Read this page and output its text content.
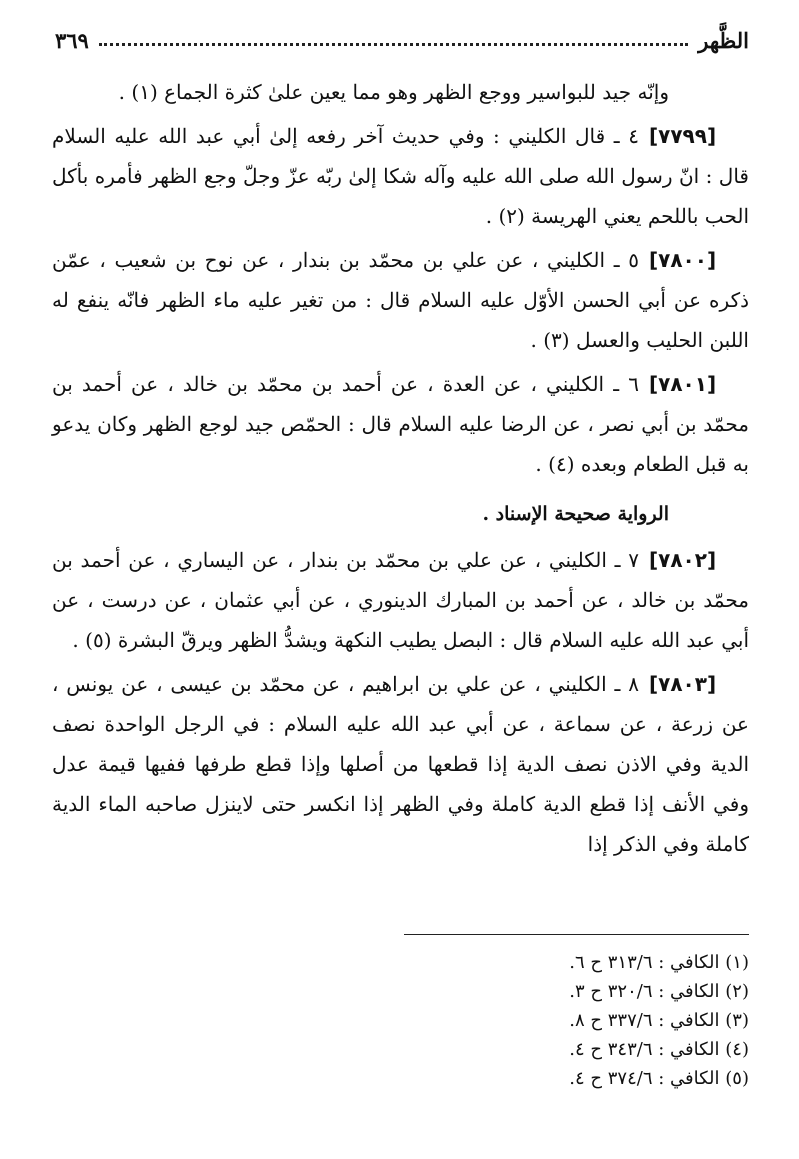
الظَّهر
٣٦٩

وإنّه جيد للبواسير ووجع الظهر وهو مما يعين علىٰ كثرة الجماع (١) .

[٧٧٩٩]
٤ ـ قال الكليني : وفي حديث آخر رفعه إلىٰ أبي عبد الله عليه السلام قال : انّ رسول الله صلى الله عليه وآله شكا إلىٰ ربّه عزّ وجلّ وجع الظهر فأمره بأكل الحب باللحم يعني الهريسة (٢) .

[٧٨٠٠]
٥ ـ الكليني ، عن علي بن محمّد بن بندار ، عن نوح بن شعيب ، عمّن ذكره عن أبي الحسن الأوّل عليه السلام قال : من تغير عليه ماء الظهر فانّه ينفع له اللبن الحليب والعسل (٣) .

[٧٨٠١]
٦ ـ الكليني ، عن العدة ، عن أحمد بن محمّد بن خالد ، عن أحمد بن محمّد بن أبي نصر ، عن الرضا عليه السلام قال : الحمّص جيد لوجع الظهر وكان يدعو به قبل الطعام وبعده (٤) .

الرواية صحيحة الإسناد .

[٧٨٠٢]
٧ ـ الكليني ، عن علي بن محمّد بن بندار ، عن اليساري ، عن أحمد بن محمّد بن خالد ، عن أحمد بن المبارك الدينوري ، عن أبي عثمان ، عن درست ، عن أبي عبد الله عليه السلام قال : البصل يطيب النكهة ويشدُّ الظهر ويرقّ البشرة (٥) .

[٧٨٠٣]
٨ ـ الكليني ، عن علي بن ابراهيم ، عن محمّد بن عيسى ، عن يونس ، عن زرعة ، عن سماعة ، عن أبي عبد الله عليه السلام : في الرجل الواحدة نصف الدية وفي الاذن نصف الدية إذا قطعها من أصلها وإذا قطع طرفها ففيها قيمة عدل وفي الأنف إذا قطع الدية كاملة وفي الظهر إذا انكسر حتى لاينزل صاحبه الماء الدية كاملة وفي الذكر إذا

(١) الكافي : ٣١٣/٦ ح ٦.
(٢) الكافي : ٣٢٠/٦ ح ٣.
(٣) الكافي : ٣٣٧/٦ ح ٨.
(٤) الكافي : ٣٤٣/٦ ح ٤.
(٥) الكافي : ٣٧٤/٦ ح ٤.
